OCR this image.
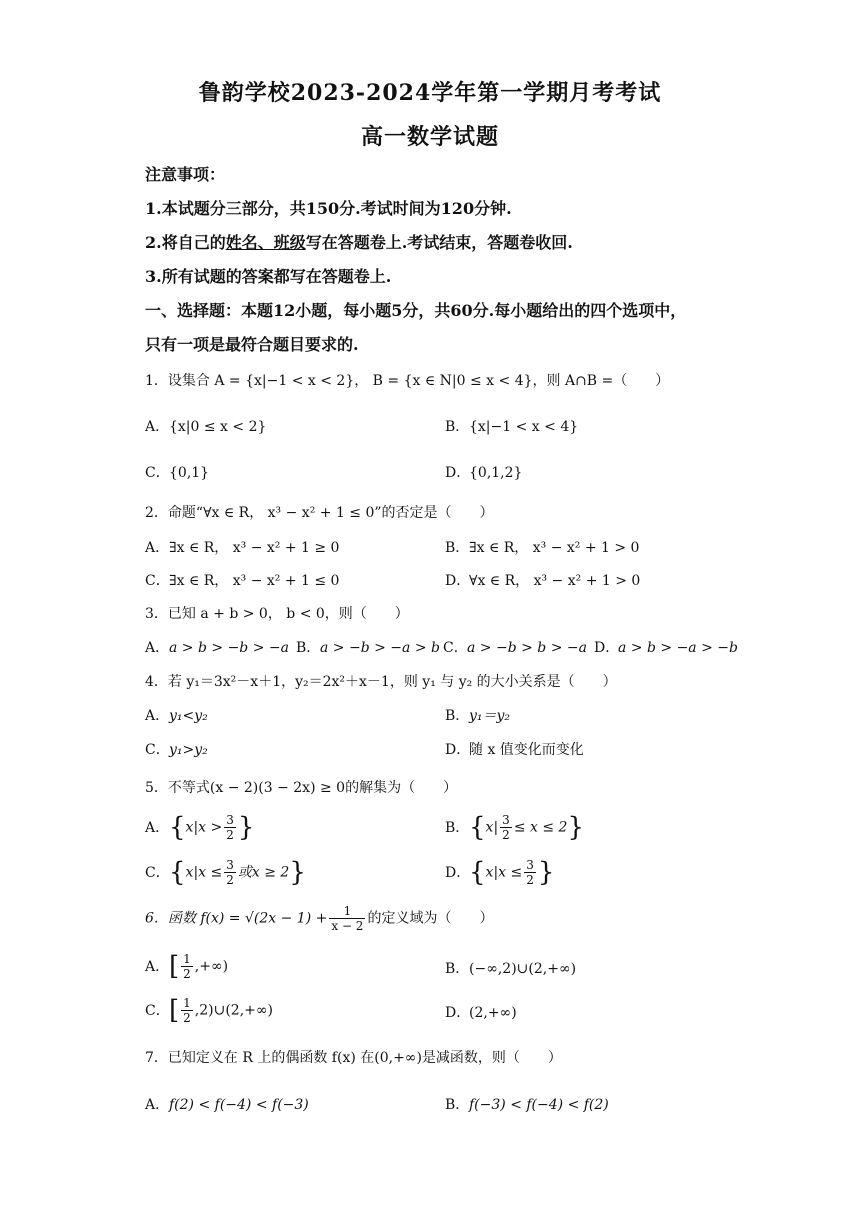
鲁韵学校2023-2024学年第一学期月考考试
高一数学试题
注意事项：
1.本试题分三部分，共150分.考试时间为120分钟.
2.将自己的姓名、班级写在答题卷上.考试结束，答题卷收回.
3.所有试题的答案都写在答题卷上.
一、选择题：本题12小题，每小题5分，共60分.每小题给出的四个选项中，
只有一项是最符合题目要求的.
1．设集合 A = {x|−1 < x < 2}， B = {x ∈ N|0 ≤ x < 4}，则 A∩B =（　　）
A．{x|0 ≤ x < 2}	B．{x|−1 < x < 4}
C．{0,1}	D．{0,1,2}
2．命题“∀x ∈ R， x³ − x² + 1 ≤ 0”的否定是（　　）
A．∃x ∈ R， x³ − x² + 1 ≥ 0	B．∃x ∈ R， x³ − x² + 1 > 0
C．∃x ∈ R， x³ − x² + 1 ≤ 0	D．∀x ∈ R， x³ − x² + 1 > 0
3．已知 a + b > 0， b < 0，则（　　）
A．a > b > −b > −a B．a > −b > −a > b C．a > −b > b > −a D．a > b > −a > −b
4．若 y₁＝3x²－x＋1，y₂＝2x²＋x－1，则 y₁ 与 y₂ 的大小关系是（　　）
A．y₁<y₂	B．y₁＝y₂
C．y₁>y₂	D．随 x 值变化而变化
5．不等式(x − 2)(3 − 2x) ≥ 0的解集为（　　）
A．{$x|x > \frac{3}{2}$ }	B．$\{x| \frac{3}{2} \le x \le 2\}$
C．{$x|x \le \frac{3}{2}$ 或x ≥ 2}	D．{$x|x \le \frac{3}{2}$ }
6．函数 $f(x) = √(2x - 1) + \frac{1}{x - 2}$ 的定义域为（　　）
A．[ $\frac{1}{2}$ ,+∞)	B．(−∞,2)∪(2,+∞)
C．[ $\frac{1}{2}$ ,2)∪(2,+∞)	D．(2,+∞)
7．已知定义在 R 上的偶函数 f(x) 在(0,+∞)是减函数，则（　　）
A．f(2) < f(−4) < f(−3)	B．f(−3) < f(−4) < f(2)
